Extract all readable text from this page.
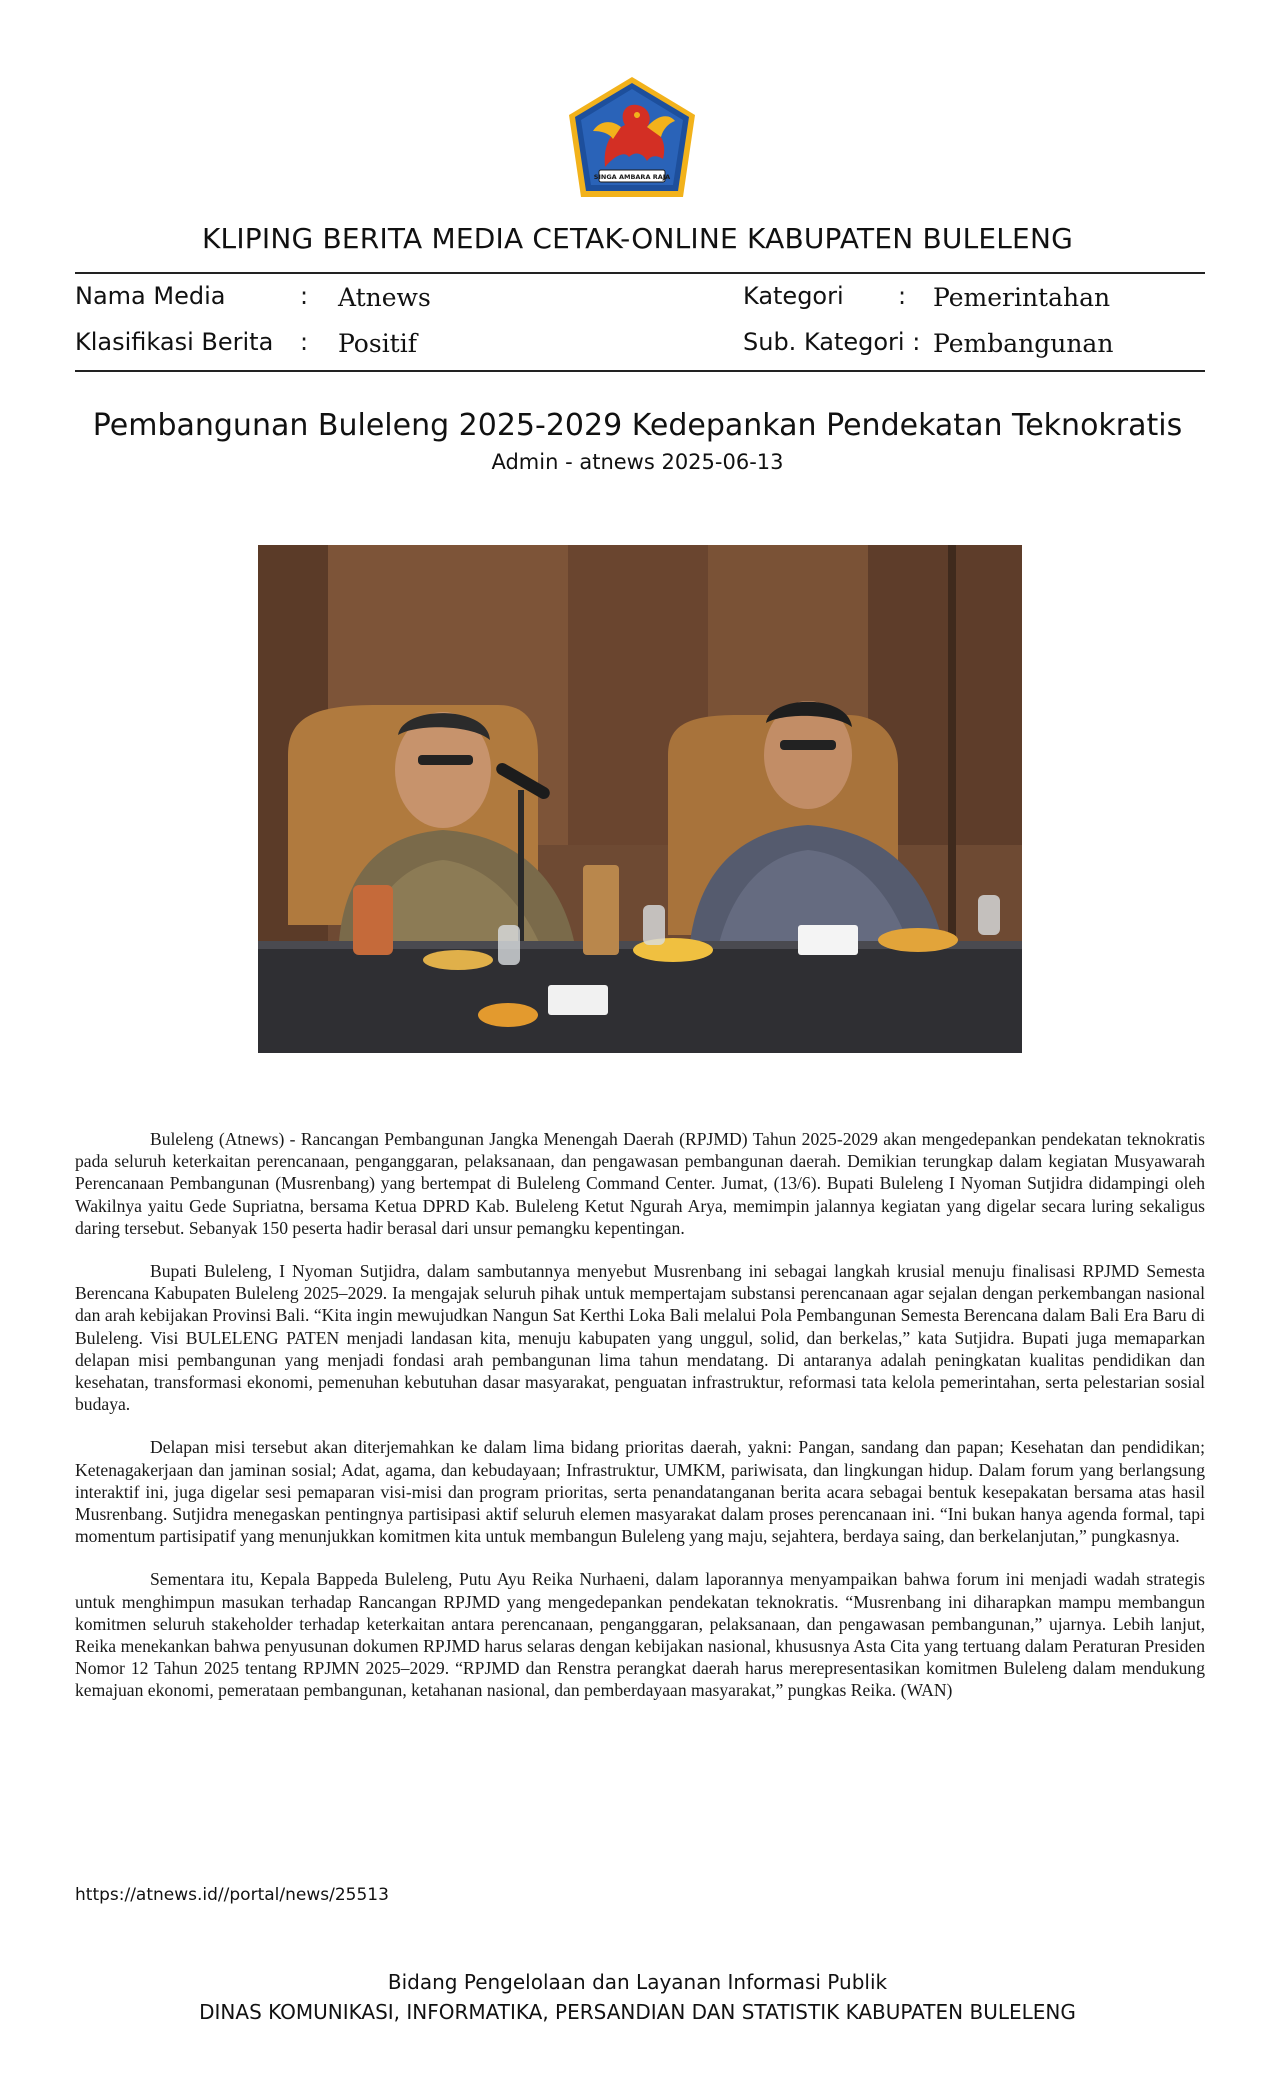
SINGA AMBARA RAJA
KLIPING BERITA MEDIA CETAK-ONLINE KABUPATEN BULELENG
Nama Media	: Atnews	Kategori : Pemerintahan
Klasifikasi Berita : Positif	Sub. Kategori : Pembangunan
Pembangunan Buleleng 2025-2029 Kedepankan Pendekatan Teknokratis
Admin - atnews 2025-06-13

Buleleng (Atnews) - Rancangan Pembangunan Jangka Menengah Daerah (RPJMD) Tahun 2025-2029 akan mengedepankan pendekatan teknokratis pada seluruh keterkaitan perencanaan, penganggaran, pelaksanaan, dan pengawasan pembangunan daerah. Demikian terungkap dalam kegiatan Musyawarah Perencanaan Pembangunan (Musrenbang) yang bertempat di Buleleng Command Center. Jumat, (13/6). Bupati Buleleng I Nyoman Sutjidra didampingi oleh Wakilnya yaitu Gede Supriatna, bersama Ketua DPRD Kab. Buleleng Ketut Ngurah Arya, memimpin jalannya kegiatan yang digelar secara luring sekaligus daring tersebut. Sebanyak 150 peserta hadir berasal dari unsur pemangku kepentingan.

Bupati Buleleng, I Nyoman Sutjidra, dalam sambutannya menyebut Musrenbang ini sebagai langkah krusial menuju finalisasi RPJMD Semesta Berencana Kabupaten Buleleng 2025–2029. Ia mengajak seluruh pihak untuk mempertajam substansi perencanaan agar sejalan dengan perkembangan nasional dan arah kebijakan Provinsi Bali. “Kita ingin mewujudkan Nangun Sat Kerthi Loka Bali melalui Pola Pembangunan Semesta Berencana dalam Bali Era Baru di Buleleng. Visi BULELENG PATEN menjadi landasan kita, menuju kabupaten yang unggul, solid, dan berkelas,” kata Sutjidra. Bupati juga memaparkan delapan misi pembangunan yang menjadi fondasi arah pembangunan lima tahun mendatang. Di antaranya adalah peningkatan kualitas pendidikan dan kesehatan, transformasi ekonomi, pemenuhan kebutuhan dasar masyarakat, penguatan infrastruktur, reformasi tata kelola pemerintahan, serta pelestarian sosial budaya.

Delapan misi tersebut akan diterjemahkan ke dalam lima bidang prioritas daerah, yakni: Pangan, sandang dan papan; Kesehatan dan pendidikan; Ketenagakerjaan dan jaminan sosial; Adat, agama, dan kebudayaan; Infrastruktur, UMKM, pariwisata, dan lingkungan hidup. Dalam forum yang berlangsung interaktif ini, juga digelar sesi pemaparan visi-misi dan program prioritas, serta penandatanganan berita acara sebagai bentuk kesepakatan bersama atas hasil Musrenbang. Sutjidra menegaskan pentingnya partisipasi aktif seluruh elemen masyarakat dalam proses perencanaan ini. “Ini bukan hanya agenda formal, tapi momentum partisipatif yang menunjukkan komitmen kita untuk membangun Buleleng yang maju, sejahtera, berdaya saing, dan berkelanjutan,” pungkasnya.

Sementara itu, Kepala Bappeda Buleleng, Putu Ayu Reika Nurhaeni, dalam laporannya menyampaikan bahwa forum ini menjadi wadah strategis untuk menghimpun masukan terhadap Rancangan RPJMD yang mengedepankan pendekatan teknokratis. “Musrenbang ini diharapkan mampu membangun komitmen seluruh stakeholder terhadap keterkaitan antara perencanaan, penganggaran, pelaksanaan, dan pengawasan pembangunan,” ujarnya. Lebih lanjut, Reika menekankan bahwa penyusunan dokumen RPJMD harus selaras dengan kebijakan nasional, khususnya Asta Cita yang tertuang dalam Peraturan Presiden Nomor 12 Tahun 2025 tentang RPJMN 2025–2029. “RPJMD dan Renstra perangkat daerah harus merepresentasikan komitmen Buleleng dalam mendukung kemajuan ekonomi, pemerataan pembangunan, ketahanan nasional, dan pemberdayaan masyarakat,” pungkas Reika. (WAN)

https://atnews.id//portal/news/25513
Bidang Pengelolaan dan Layanan Informasi Publik
DINAS KOMUNIKASI, INFORMATIKA, PERSANDIAN DAN STATISTIK KABUPATEN BULELENG
